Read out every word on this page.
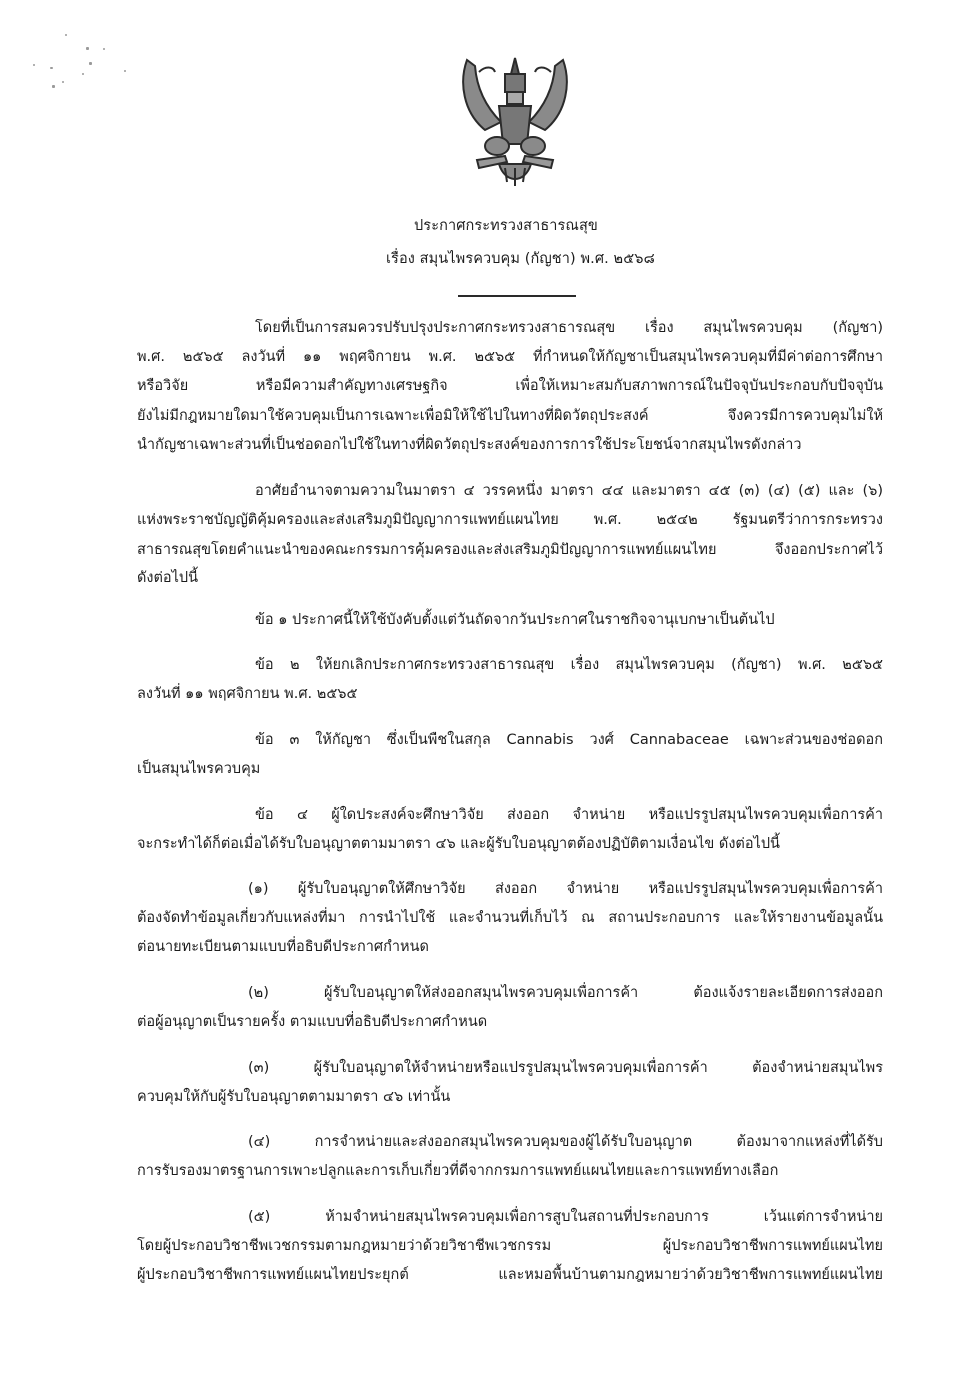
ประกาศกระทรวงสาธารณสุข
เรื่อง สมุนไพรควบคุม (กัญชา) พ.ศ. ๒๕๖๘
โดยที่เป็นการสมควรปรับปรุงประกาศกระทรวงสาธารณสุข เรื่อง สมุนไพรควบคุม (กัญชา)
พ.ศ. ๒๕๖๕ ลงวันที่ ๑๑ พฤศจิกายน พ.ศ. ๒๕๖๕ ที่กำหนดให้กัญชาเป็นสมุนไพรควบคุมที่มีค่าต่อการศึกษา
หรือวิจัย หรือมีความสำคัญทางเศรษฐกิจ เพื่อให้เหมาะสมกับสภาพการณ์ในปัจจุบันประกอบกับปัจจุบัน
ยังไม่มีกฎหมายใดมาใช้ควบคุมเป็นการเฉพาะเพื่อมิให้ใช้ไปในทางที่ผิดวัตถุประสงค์ จึงควรมีการควบคุมไม่ให้
นำกัญชาเฉพาะส่วนที่เป็นช่อดอกไปใช้ในทางที่ผิดวัตถุประสงค์ของการการใช้ประโยชน์จากสมุนไพรดังกล่าว
อาศัยอำนาจตามความในมาตรา ๔ วรรคหนึ่ง มาตรา ๔๔ และมาตรา ๔๕ (๓) (๔) (๕) และ (๖)
แห่งพระราชบัญญัติคุ้มครองและส่งเสริมภูมิปัญญาการแพทย์แผนไทย พ.ศ. ๒๕๔๒ รัฐมนตรีว่าการกระทรวง
สาธารณสุขโดยคำแนะนำของคณะกรรมการคุ้มครองและส่งเสริมภูมิปัญญาการแพทย์แผนไทย จึงออกประกาศไว้
ดังต่อไปนี้
ข้อ ๑ ประกาศนี้ให้ใช้บังคับตั้งแต่วันถัดจากวันประกาศในราชกิจจานุเบกษาเป็นต้นไป
ข้อ ๒ ให้ยกเลิกประกาศกระทรวงสาธารณสุข เรื่อง สมุนไพรควบคุม (กัญชา) พ.ศ. ๒๕๖๕
ลงวันที่ ๑๑ พฤศจิกายน พ.ศ. ๒๕๖๕
ข้อ ๓ ให้กัญชา ซึ่งเป็นพืชในสกุล Cannabis วงศ์ Cannabaceae เฉพาะส่วนของช่อดอก
เป็นสมุนไพรควบคุม
ข้อ ๔ ผู้ใดประสงค์จะศึกษาวิจัย ส่งออก จำหน่าย หรือแปรรูปสมุนไพรควบคุมเพื่อการค้า
จะกระทำได้ก็ต่อเมื่อได้รับใบอนุญาตตามมาตรา ๔๖ และผู้รับใบอนุญาตต้องปฏิบัติตามเงื่อนไข ดังต่อไปนี้
(๑) ผู้รับใบอนุญาตให้ศึกษาวิจัย ส่งออก จำหน่าย หรือแปรรูปสมุนไพรควบคุมเพื่อการค้า
ต้องจัดทำข้อมูลเกี่ยวกับแหล่งที่มา การนำไปใช้ และจำนวนที่เก็บไว้ ณ สถานประกอบการ และให้รายงานข้อมูลนั้น
ต่อนายทะเบียนตามแบบที่อธิบดีประกาศกำหนด
(๒) ผู้รับใบอนุญาตให้ส่งออกสมุนไพรควบคุมเพื่อการค้า ต้องแจ้งรายละเอียดการส่งออก
ต่อผู้อนุญาตเป็นรายครั้ง ตามแบบที่อธิบดีประกาศกำหนด
(๓) ผู้รับใบอนุญาตให้จำหน่ายหรือแปรรูปสมุนไพรควบคุมเพื่อการค้า ต้องจำหน่ายสมุนไพร
ควบคุมให้กับผู้รับใบอนุญาตตามมาตรา ๔๖ เท่านั้น
(๔) การจำหน่ายและส่งออกสมุนไพรควบคุมของผู้ได้รับใบอนุญาต ต้องมาจากแหล่งที่ได้รับ
การรับรองมาตรฐานการเพาะปลูกและการเก็บเกี่ยวที่ดีจากกรมการแพทย์แผนไทยและการแพทย์ทางเลือก
(๕) ห้ามจำหน่ายสมุนไพรควบคุมเพื่อการสูบในสถานที่ประกอบการ เว้นแต่การจำหน่าย
โดยผู้ประกอบวิชาชีพเวชกรรมตามกฎหมายว่าด้วยวิชาชีพเวชกรรม ผู้ประกอบวิชาชีพการแพทย์แผนไทย
ผู้ประกอบวิชาชีพการแพทย์แผนไทยประยุกต์ และหมอพื้นบ้านตามกฎหมายว่าด้วยวิชาชีพการแพทย์แผนไทย
